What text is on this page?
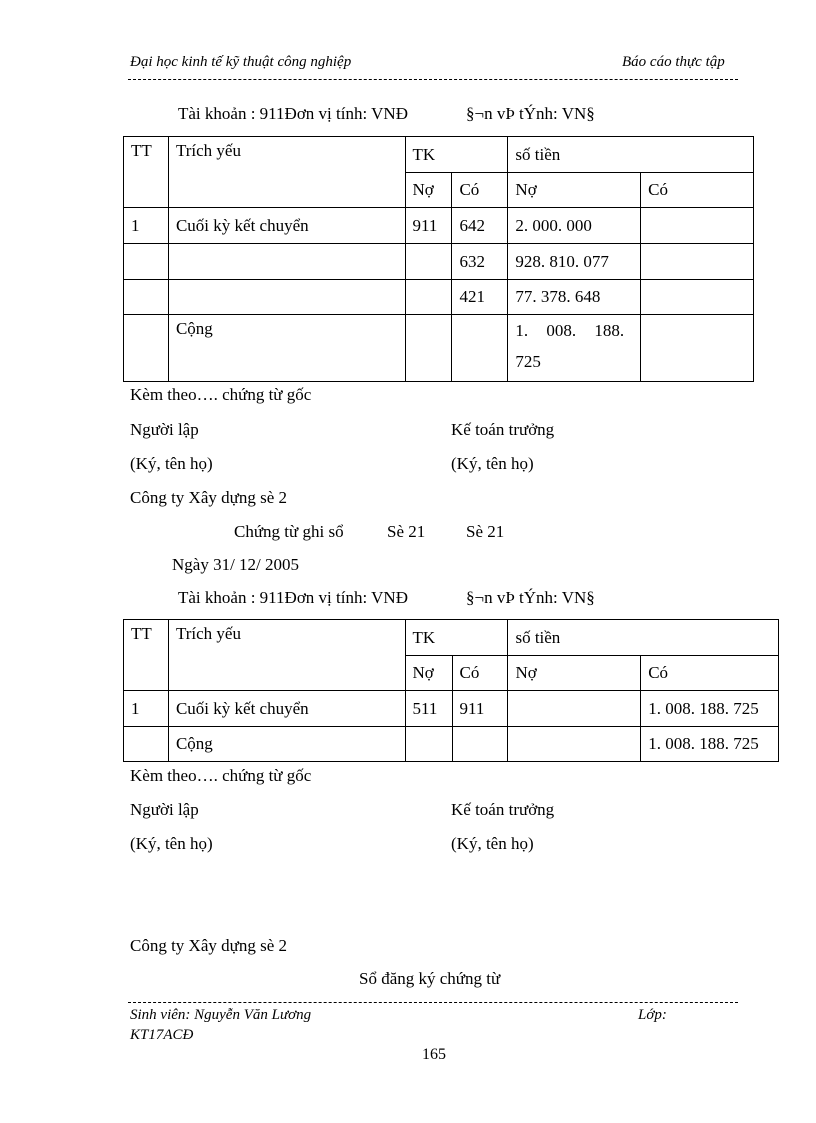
Đại học kinh tế kỹ thuật công nghiệp	Báo cáo thực tập
Tài khoản : 911Đơn vị tính: VNĐ	§¬n vÞ tÝnh: VN§
TT	Trích yếu	TK		số tiền	
		Nợ	Có	Nợ	Có
1	Cuối kỳ kết chuyển	911	642	2. 000. 000	
			632	928. 810. 077	
			421	77. 378. 648	
	Cộng			1. 008. 188.
725	

Kèm theo…. chứng từ gốc
Người lập	Kế toán trưởng
(Ký, tên họ)	(Ký, tên họ)
Công ty Xây dựng sè 2
Chứng từ ghi sổ	Sè 21 Sè 21
Ngày 31/ 12/ 2005
Tài khoản : 911Đơn vị tính: VNĐ	§¬n vÞ tÝnh: VN§
TT	Trích yếu	TK		số tiền	
		Nợ	Có	Nợ	Có
1	Cuối kỳ kết chuyển	511	911		1. 008. 188. 725
	Cộng				1. 008. 188. 725
Kèm theo…. chứng từ gốc
Người lập	Kế toán trưởng
(Ký, tên họ)	(Ký, tên họ)
Công ty Xây dựng sè 2
Sổ đăng ký chứng từ
Sinh viên: Nguyễn Văn Lương	Lớp:
KT17ACĐ
165
